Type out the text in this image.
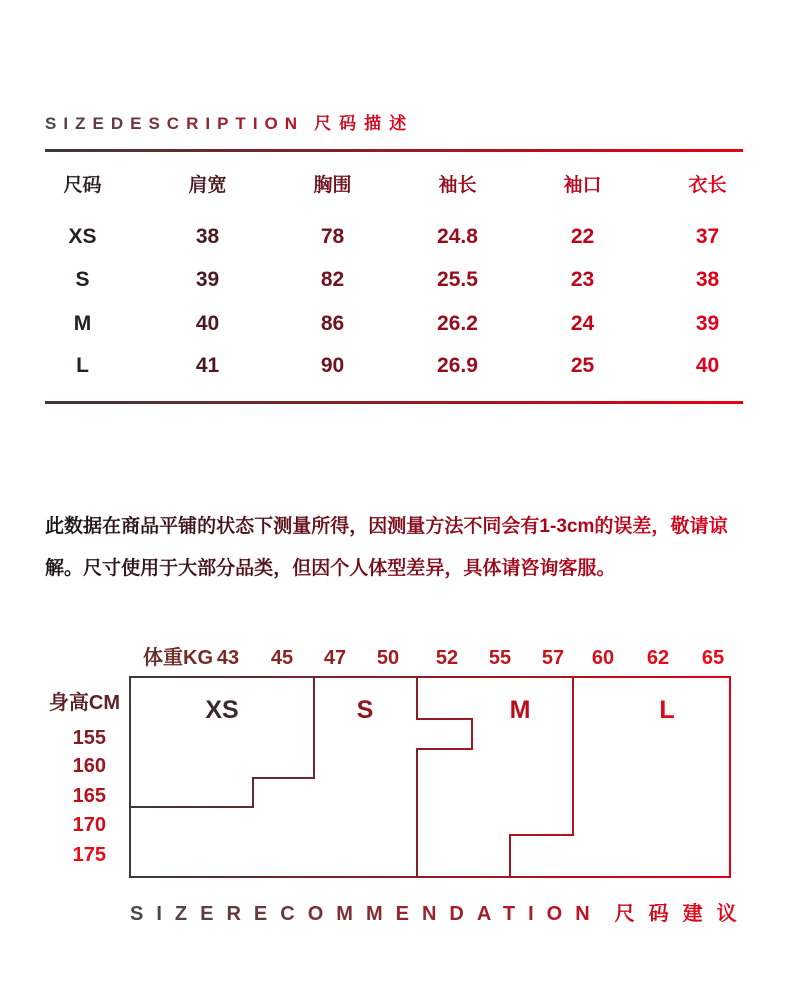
SIZEDESCRIPTION 尺码描述
尺码	肩宽	胸围	袖长	袖口	衣长
XS	38	78	24.8	22	37
S	39	82	25.5	23	38
M	40	86	26.2	24	39
L	41	90	26.9	25	40
此数据在商品平铺的状态下测量所得，因测量方法不同会有1-3cm的误差，敬请谅
解。尺寸使用于大部分品类，但因个人体型差异，具体请咨询客服。
体重KG 43 45 47 50 52 55 57 60 62 65
身高CM
155
160
165
170
175
XS	S	M	L
SIZERECOMMENDATION 尺码建议
